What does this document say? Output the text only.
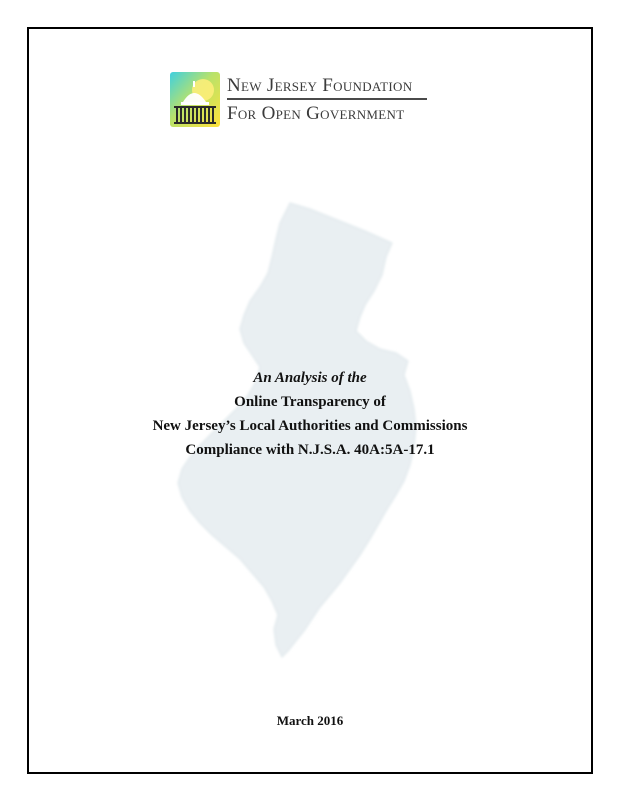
New Jersey Foundation
For Open Government

An Analysis of the

Online Transparency of

New Jersey’s Local Authorities and Commissions

Compliance with N.J.S.A. 40A:5A-17.1

March 2016
